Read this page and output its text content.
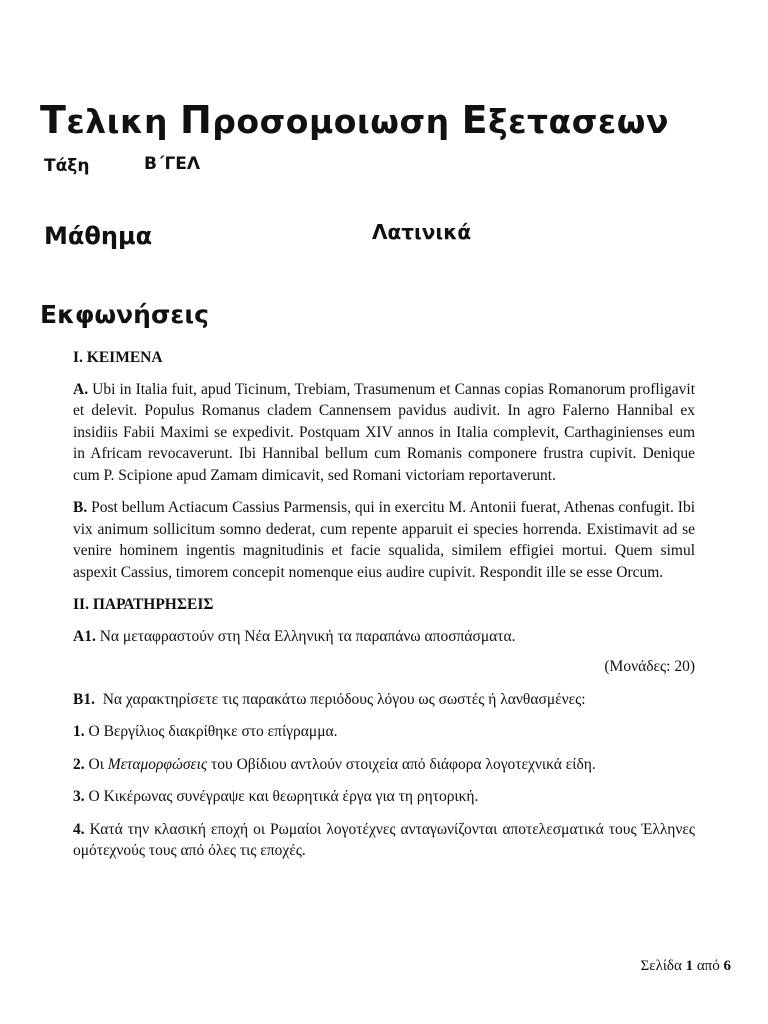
Τελικη Προσομοιωση Εξετασεων
Τάξη	Β΄ΓΕΛ
Μάθημα	Λατινικά
Εκφωνήσεις
I. ΚΕΙΜΕΝΑ

A. Ubi in Italia fuit, apud Ticinum, Trebiam, Trasumenum et Cannas copias Romanorum profligavit et delevit. Populus Romanus cladem Cannensem pavidus audivit. In agro Falerno Hannibal ex insidiis Fabii Maximi se expedivit. Postquam XIV annos in Italia complevit, Carthaginienses eum in Africam revocaverunt. Ibi Hannibal bellum cum Romanis componere frustra cupivit. Denique cum P. Scipione apud Zamam dimicavit, sed Romani victoriam reportaverunt.

B. Post bellum Actiacum Cassius Parmensis, qui in exercitu M. Antonii fuerat, Athenas confugit. Ibi vix animum sollicitum somno dederat, cum repente apparuit ei species horrenda. Existimavit ad se venire hominem ingentis magnitudinis et facie squalida, similem effigiei mortui. Quem simul aspexit Cassius, timorem concepit nomenque eius audire cupivit. Respondit ille se esse Orcum.

II. ΠΑΡΑΤΗΡΗΣΕΙΣ

Α1. Να μεταφραστούν στη Νέα Ελληνική τα παραπάνω αποσπάσματα.

(Μονάδες: 20)

Β1. Να χαρακτηρίσετε τις παρακάτω περιόδους λόγου ως σωστές ή λανθασμένες:

1. Ο Βεργίλιος διακρίθηκε στο επίγραμμα.

2. Οι Μεταμορφώσεις του Οβίδιου αντλούν στοιχεία από διάφορα λογοτεχνικά είδη.

3. Ο Κικέρωνας συνέγραψε και θεωρητικά έργα για τη ρητορική.

4. Κατά την κλασική εποχή οι Ρωμαίοι λογοτέχνες ανταγωνίζονται αποτελεσματικά τους Έλληνες ομότεχνούς τους από όλες τις εποχές.

Σελίδα 1 από 6
